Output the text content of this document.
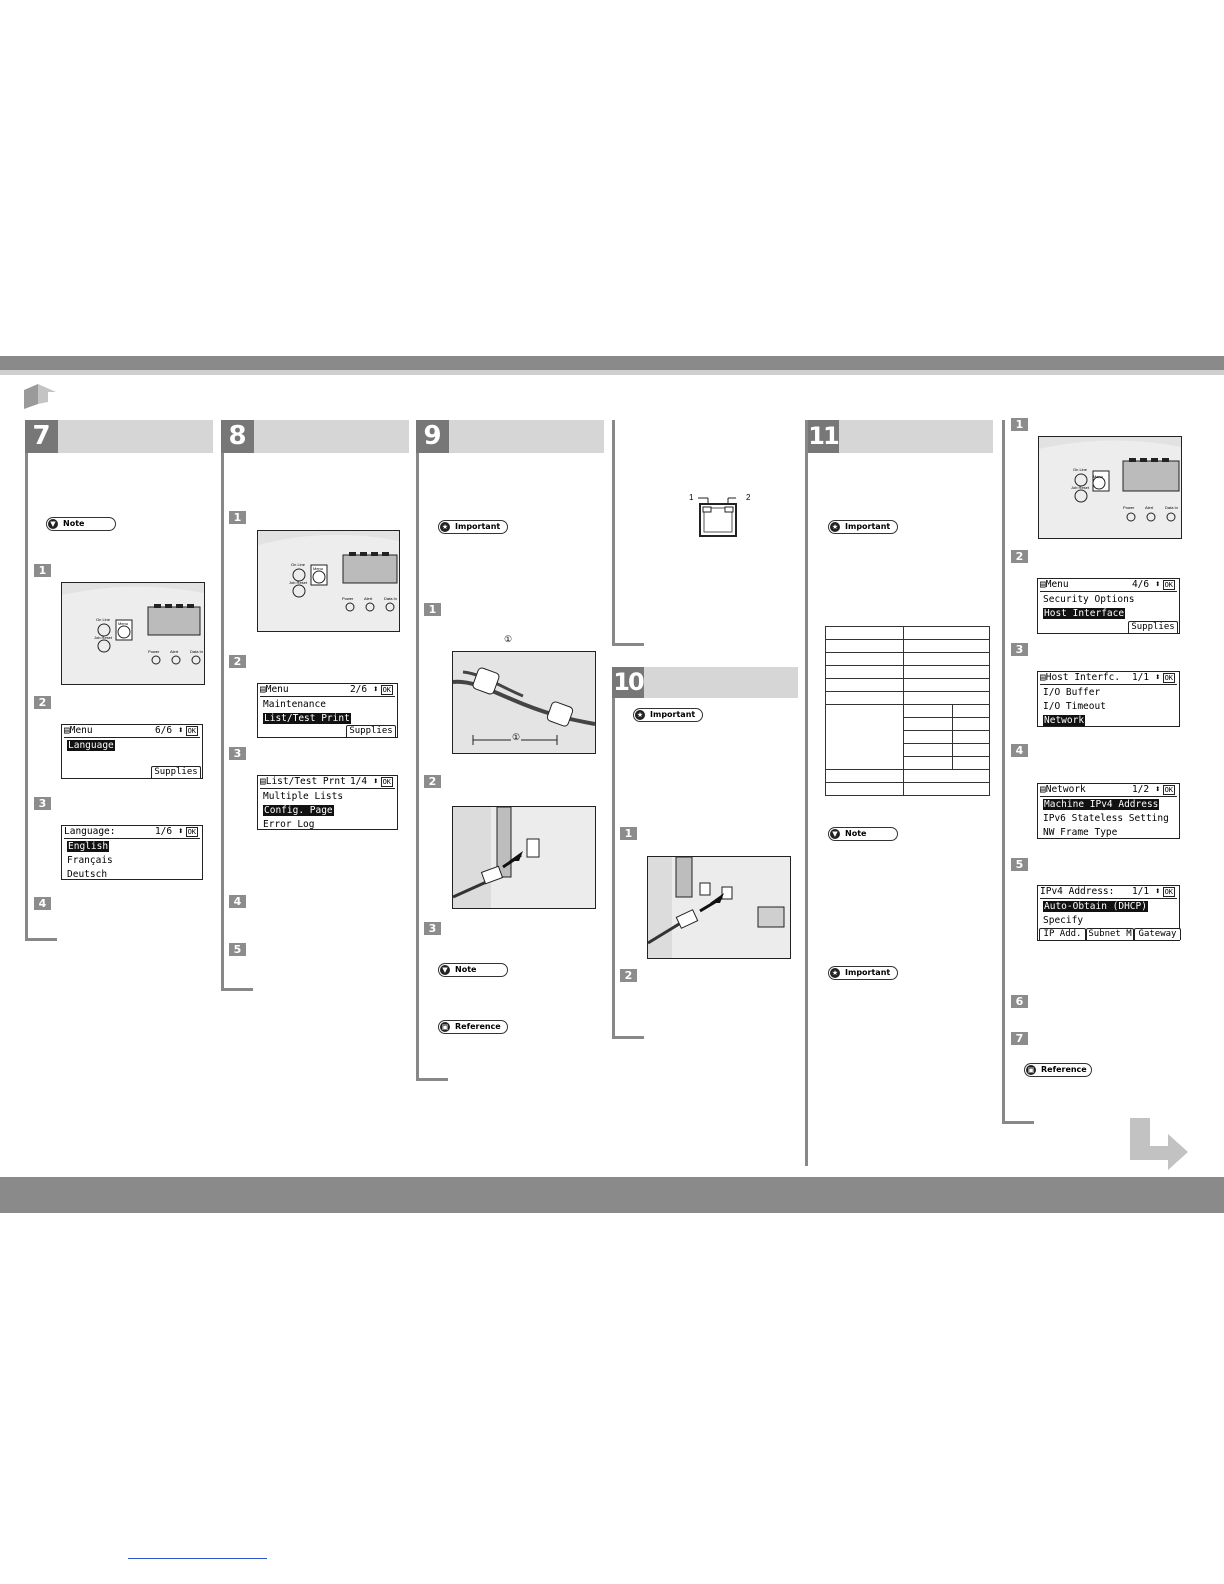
7
▼ Note
1
On Line
Job Reset
Menu
Power	Alert	Data In
2
▤Menu	6/6 ⬍ OK
Language
Supplies
3
Language:	1/6 ⬍ OK
English
Français
Deutsch
4
8
1
On Line
Job Reset
Menu
Power	Alert	Data In
2
▤Menu	2/6 ⬍ OK
Maintenance
List/Test Print
Supplies
3
▤List/Test Prnt 1/4 ⬍ OK
Multiple Lists
Config. Page
Error Log
4
5
9
★ Important
1
①
①
2
3
▼ Note
▣ Reference
1	2
10
★ Important
1
2
11
★ Important

▼ Note
★ Important
1
On Line
Job Reset
Menu
Power	Alert	Data In
2
▤Menu	4/6 ⬍ OK
Security Options
Host Interface
Supplies
3
▤Host Interfc. 1/1 ⬍ OK
I/O Buffer
I/O Timeout
Network
4
▤Network	1/2 ⬍ OK
Machine IPv4 Address
IPv6 Stateless Setting
NW Frame Type
5
IPv4 Address: 1/1 ⬍ OK
Auto-Obtain (DHCP)
Specify
IP Add. Subnet M Gateway
6
7
▣ Reference
